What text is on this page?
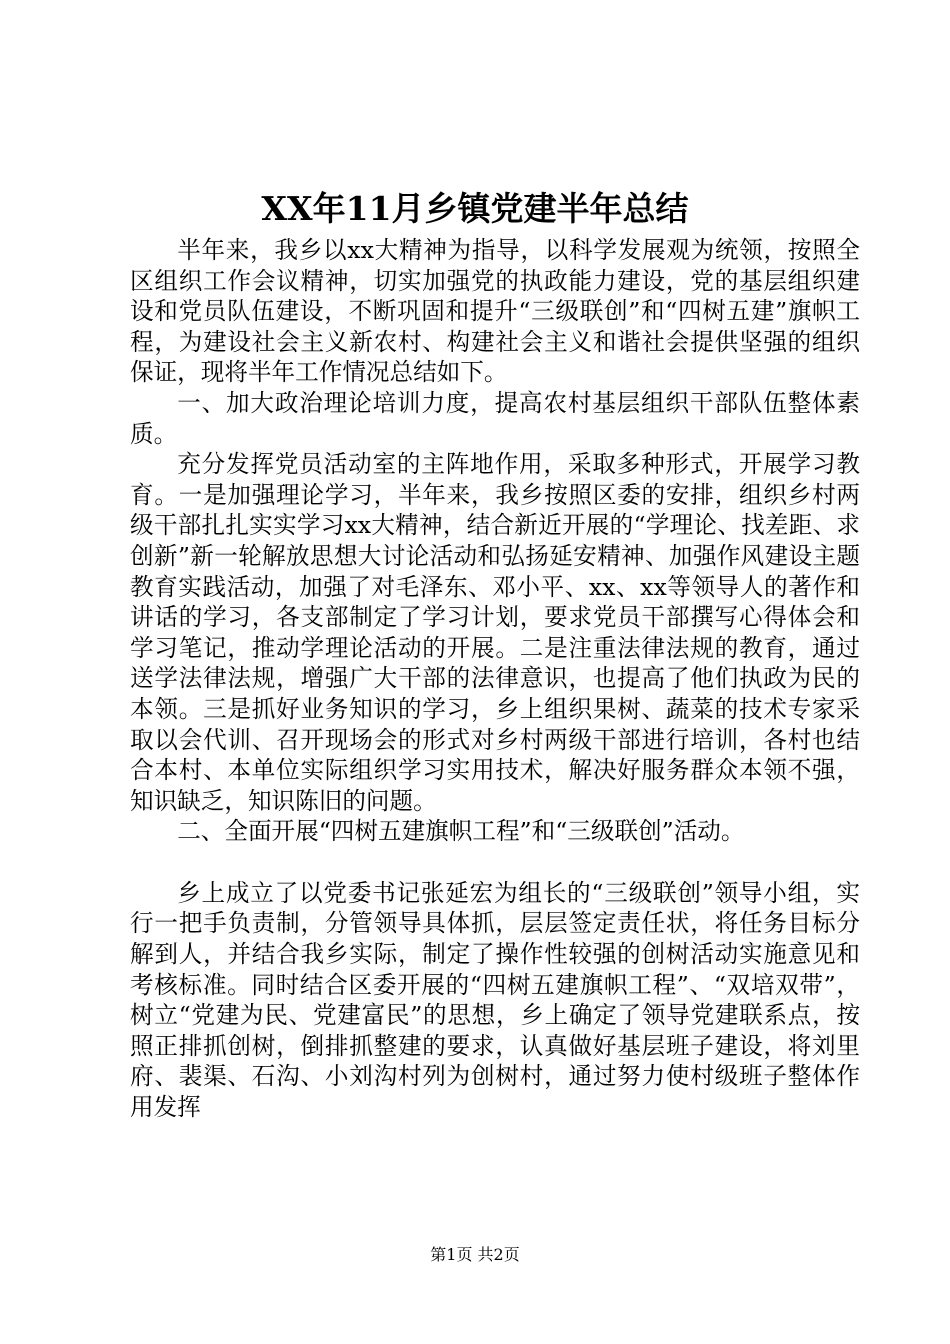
XX年11月乡镇党建半年总结

半年来，我乡以xx大精神为指导，以科学发展观为统领，按照全区组织工作会议精神，切实加强党的执政能力建设，党的基层组织建设和党员队伍建设，不断巩固和提升“三级联创”和“四树五建”旗帜工程，为建设社会主义新农村、构建社会主义和谐社会提供坚强的组织保证，现将半年工作情况总结如下。

一、加大政治理论培训力度，提高农村基层组织干部队伍整体素质。

充分发挥党员活动室的主阵地作用，采取多种形式，开展学习教育。一是加强理论学习，半年来，我乡按照区委的安排，组织乡村两级干部扎扎实实学习xx大精神，结合新近开展的“学理论、找差距、求创新”新一轮解放思想大讨论活动和弘扬延安精神、加强作风建设主题教育实践活动，加强了对毛泽东、邓小平、xx、xx等领导人的著作和讲话的学习，各支部制定了学习计划，要求党员干部撰写心得体会和学习笔记，推动学理论活动的开展。二是注重法律法规的教育，通过送学法律法规，增强广大干部的法律意识，也提高了他们执政为民的本领。三是抓好业务知识的学习，乡上组织果树、蔬菜的技术专家采取以会代训、召开现场会的形式对乡村两级干部进行培训，各村也结合本村、本单位实际组织学习实用技术，解决好服务群众本领不强，知识缺乏，知识陈旧的问题。

二、全面开展“四树五建旗帜工程”和“三级联创”活动。

乡上成立了以党委书记张延宏为组长的“三级联创”领导小组，实行一把手负责制，分管领导具体抓，层层签定责任状，将任务目标分解到人，并结合我乡实际，制定了操作性较强的创树活动实施意见和考核标准。同时结合区委开展的“四树五建旗帜工程”、“双培双带”，树立“党建为民、党建富民”的思想，乡上确定了领导党建联系点，按照正排抓创树，倒排抓整建的要求，认真做好基层班子建设，将刘里府、裴渠、石沟、小刘沟村列为创树村，通过努力使村级班子整体作用发挥

第1页 共2页
